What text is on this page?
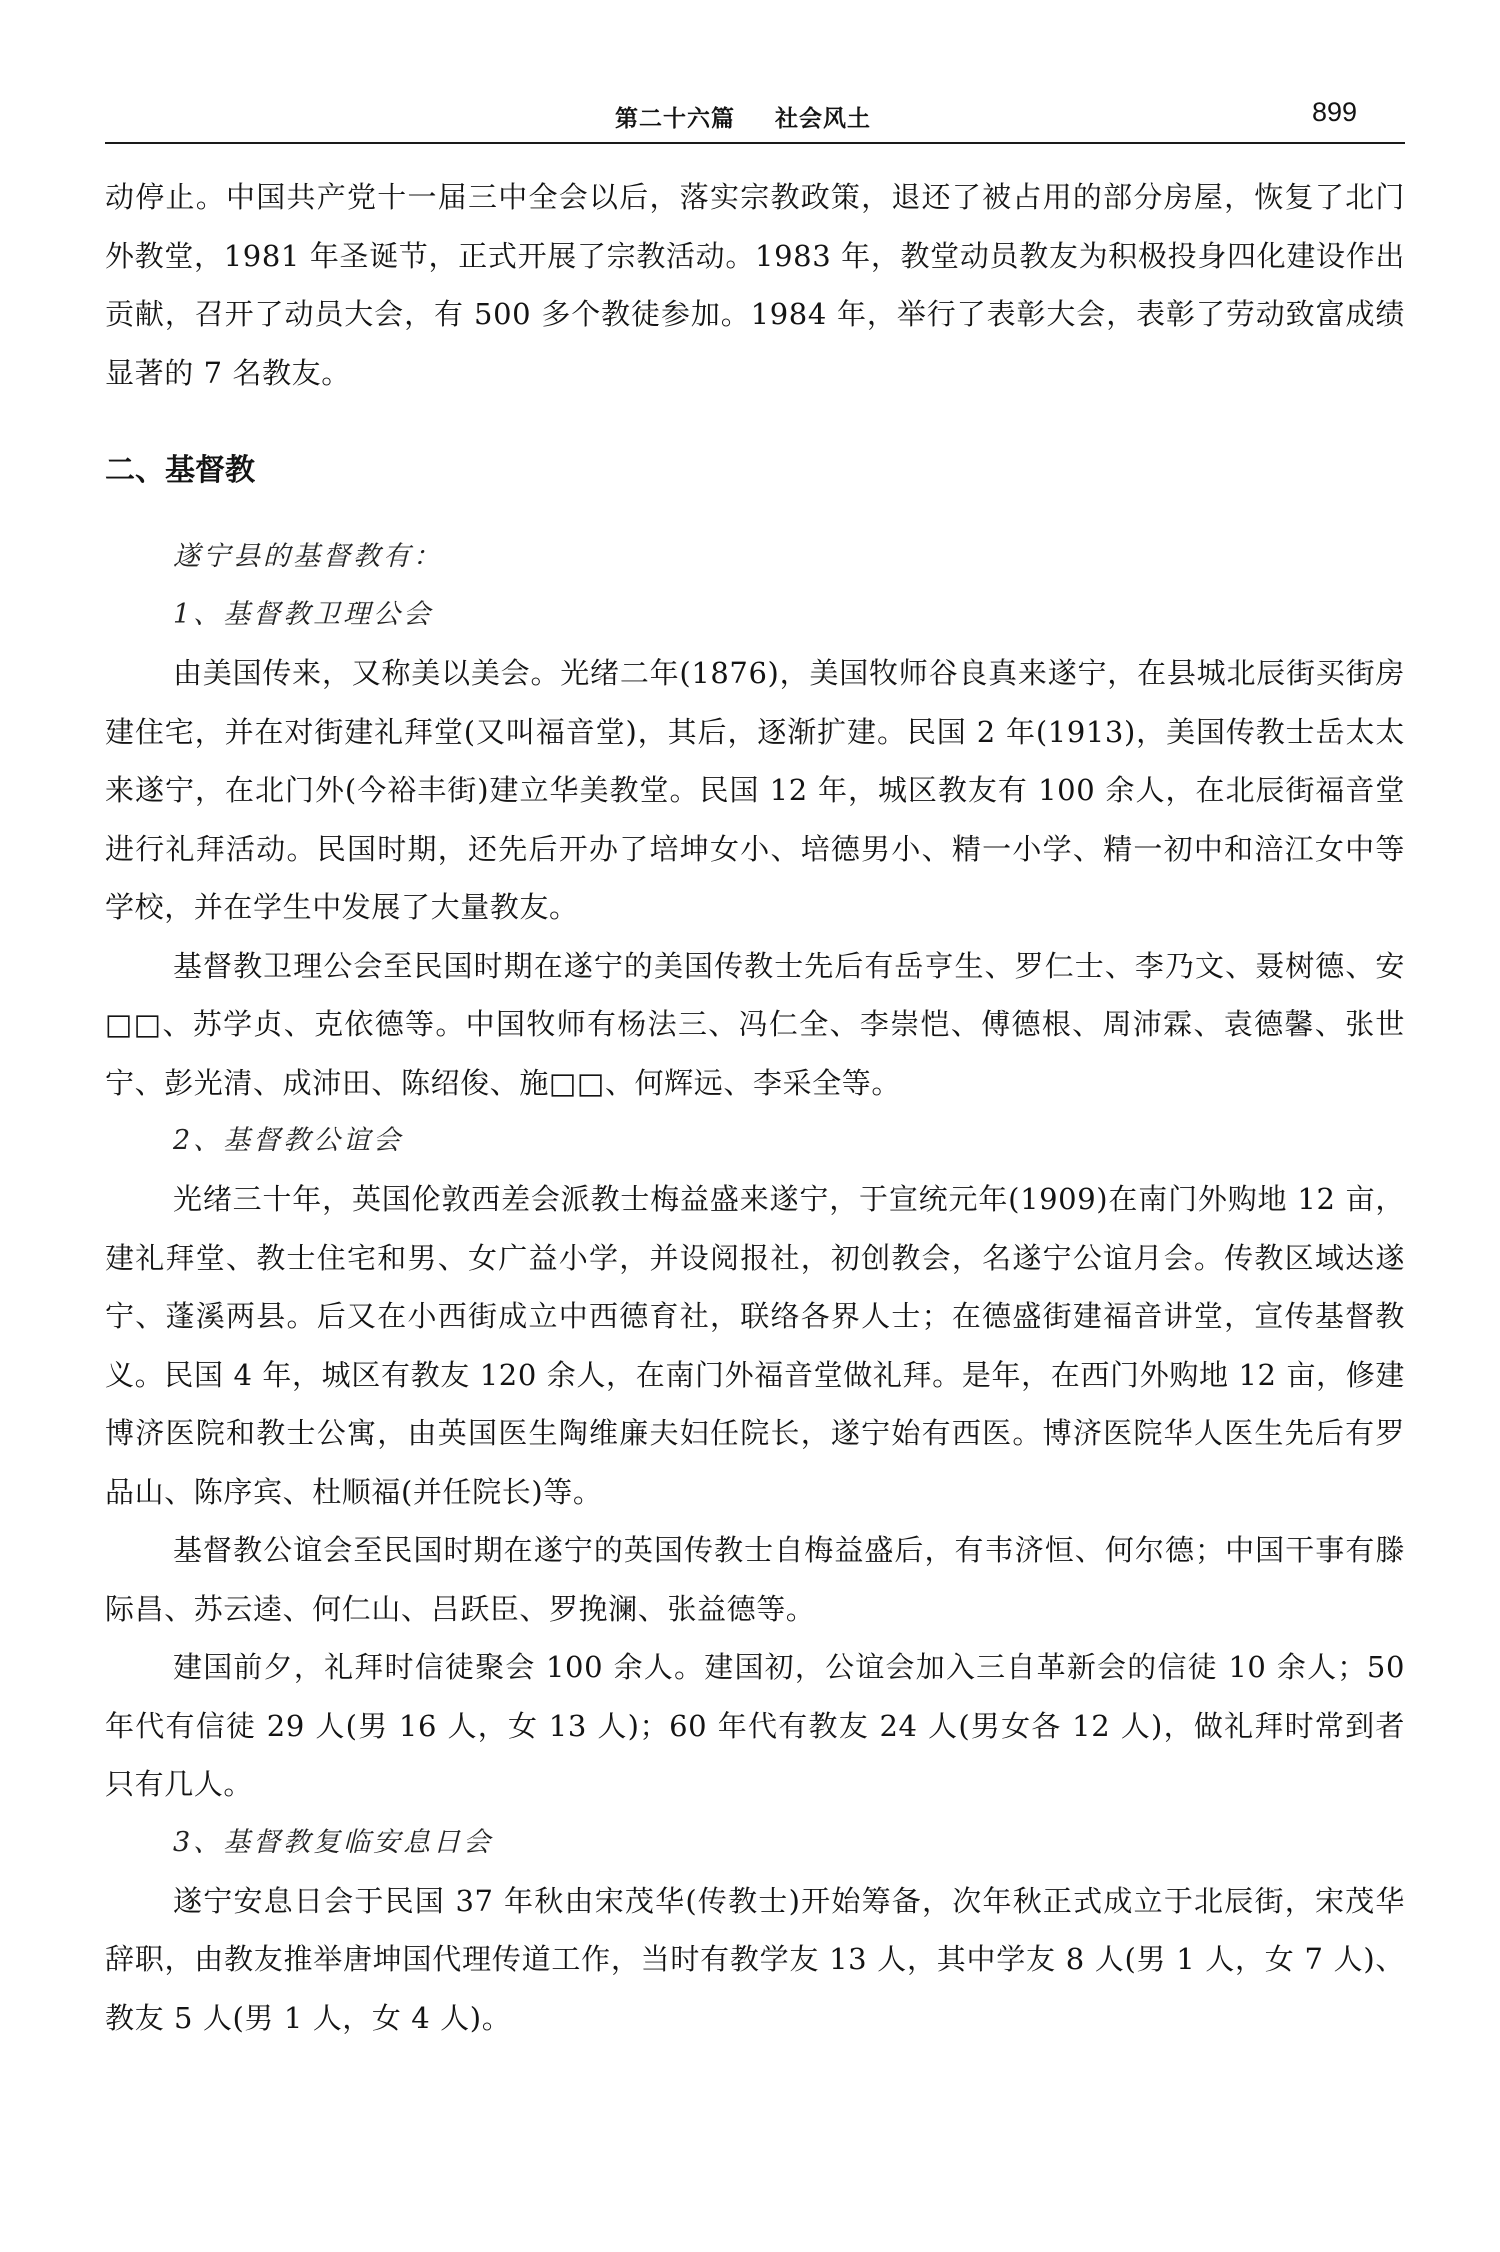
第二十六篇 社会风土	899

动停止。中国共产党十一届三中全会以后，落实宗教政策，退还了被占用的部分房屋，恢复了北门外教堂，1981 年圣诞节，正式开展了宗教活动。1983 年，教堂动员教友为积极投身四化建设作出贡献，召开了动员大会，有 500 多个教徒参加。1984 年，举行了表彰大会，表彰了劳动致富成绩显著的 7 名教友。

二、基督教
遂宁县的基督教有：
1、基督教卫理公会

由美国传来，又称美以美会。光绪二年(1876)，美国牧师谷良真来遂宁，在县城北辰街买街房建住宅，并在对街建礼拜堂(又叫福音堂)，其后，逐渐扩建。民国 2 年(1913)，美国传教士岳太太来遂宁，在北门外(今裕丰街)建立华美教堂。民国 12 年，城区教友有 100 余人，在北辰街福音堂进行礼拜活动。民国时期，还先后开办了培坤女小、培德男小、精一小学、精一初中和涪江女中等学校，并在学生中发展了大量教友。

基督教卫理公会至民国时期在遂宁的美国传教士先后有岳亨生、罗仁士、李乃文、聂树德、安□□、苏学贞、克依德等。中国牧师有杨法三、冯仁全、李崇恺、傅德根、周沛霖、袁德馨、张世宁、彭光清、成沛田、陈绍俊、施□□、何辉远、李采全等。

2、基督教公谊会

光绪三十年，英国伦敦西差会派教士梅益盛来遂宁，于宣统元年(1909)在南门外购地 12 亩，建礼拜堂、教士住宅和男、女广益小学，并设阅报社，初创教会，名遂宁公谊月会。传教区域达遂宁、蓬溪两县。后又在小西街成立中西德育社，联络各界人士；在德盛街建福音讲堂，宣传基督教义。民国 4 年，城区有教友 120 余人，在南门外福音堂做礼拜。是年，在西门外购地 12 亩，修建博济医院和教士公寓，由英国医生陶维廉夫妇任院长，遂宁始有西医。博济医院华人医生先后有罗品山、陈序宾、杜顺福(并任院长)等。

基督教公谊会至民国时期在遂宁的英国传教士自梅益盛后，有韦济恒、何尔德；中国干事有滕际昌、苏云逵、何仁山、吕跃臣、罗挽澜、张益德等。

建国前夕，礼拜时信徒聚会 100 余人。建国初，公谊会加入三自革新会的信徒 10 余人；50 年代有信徒 29 人(男 16 人，女 13 人)；60 年代有教友 24 人(男女各 12 人)，做礼拜时常到者只有几人。

3、基督教复临安息日会

遂宁安息日会于民国 37 年秋由宋茂华(传教士)开始筹备，次年秋正式成立于北辰街，宋茂华辞职，由教友推举唐坤国代理传道工作，当时有教学友 13 人，其中学友 8 人(男 1 人，女 7 人)、教友 5 人(男 1 人，女 4 人)。
